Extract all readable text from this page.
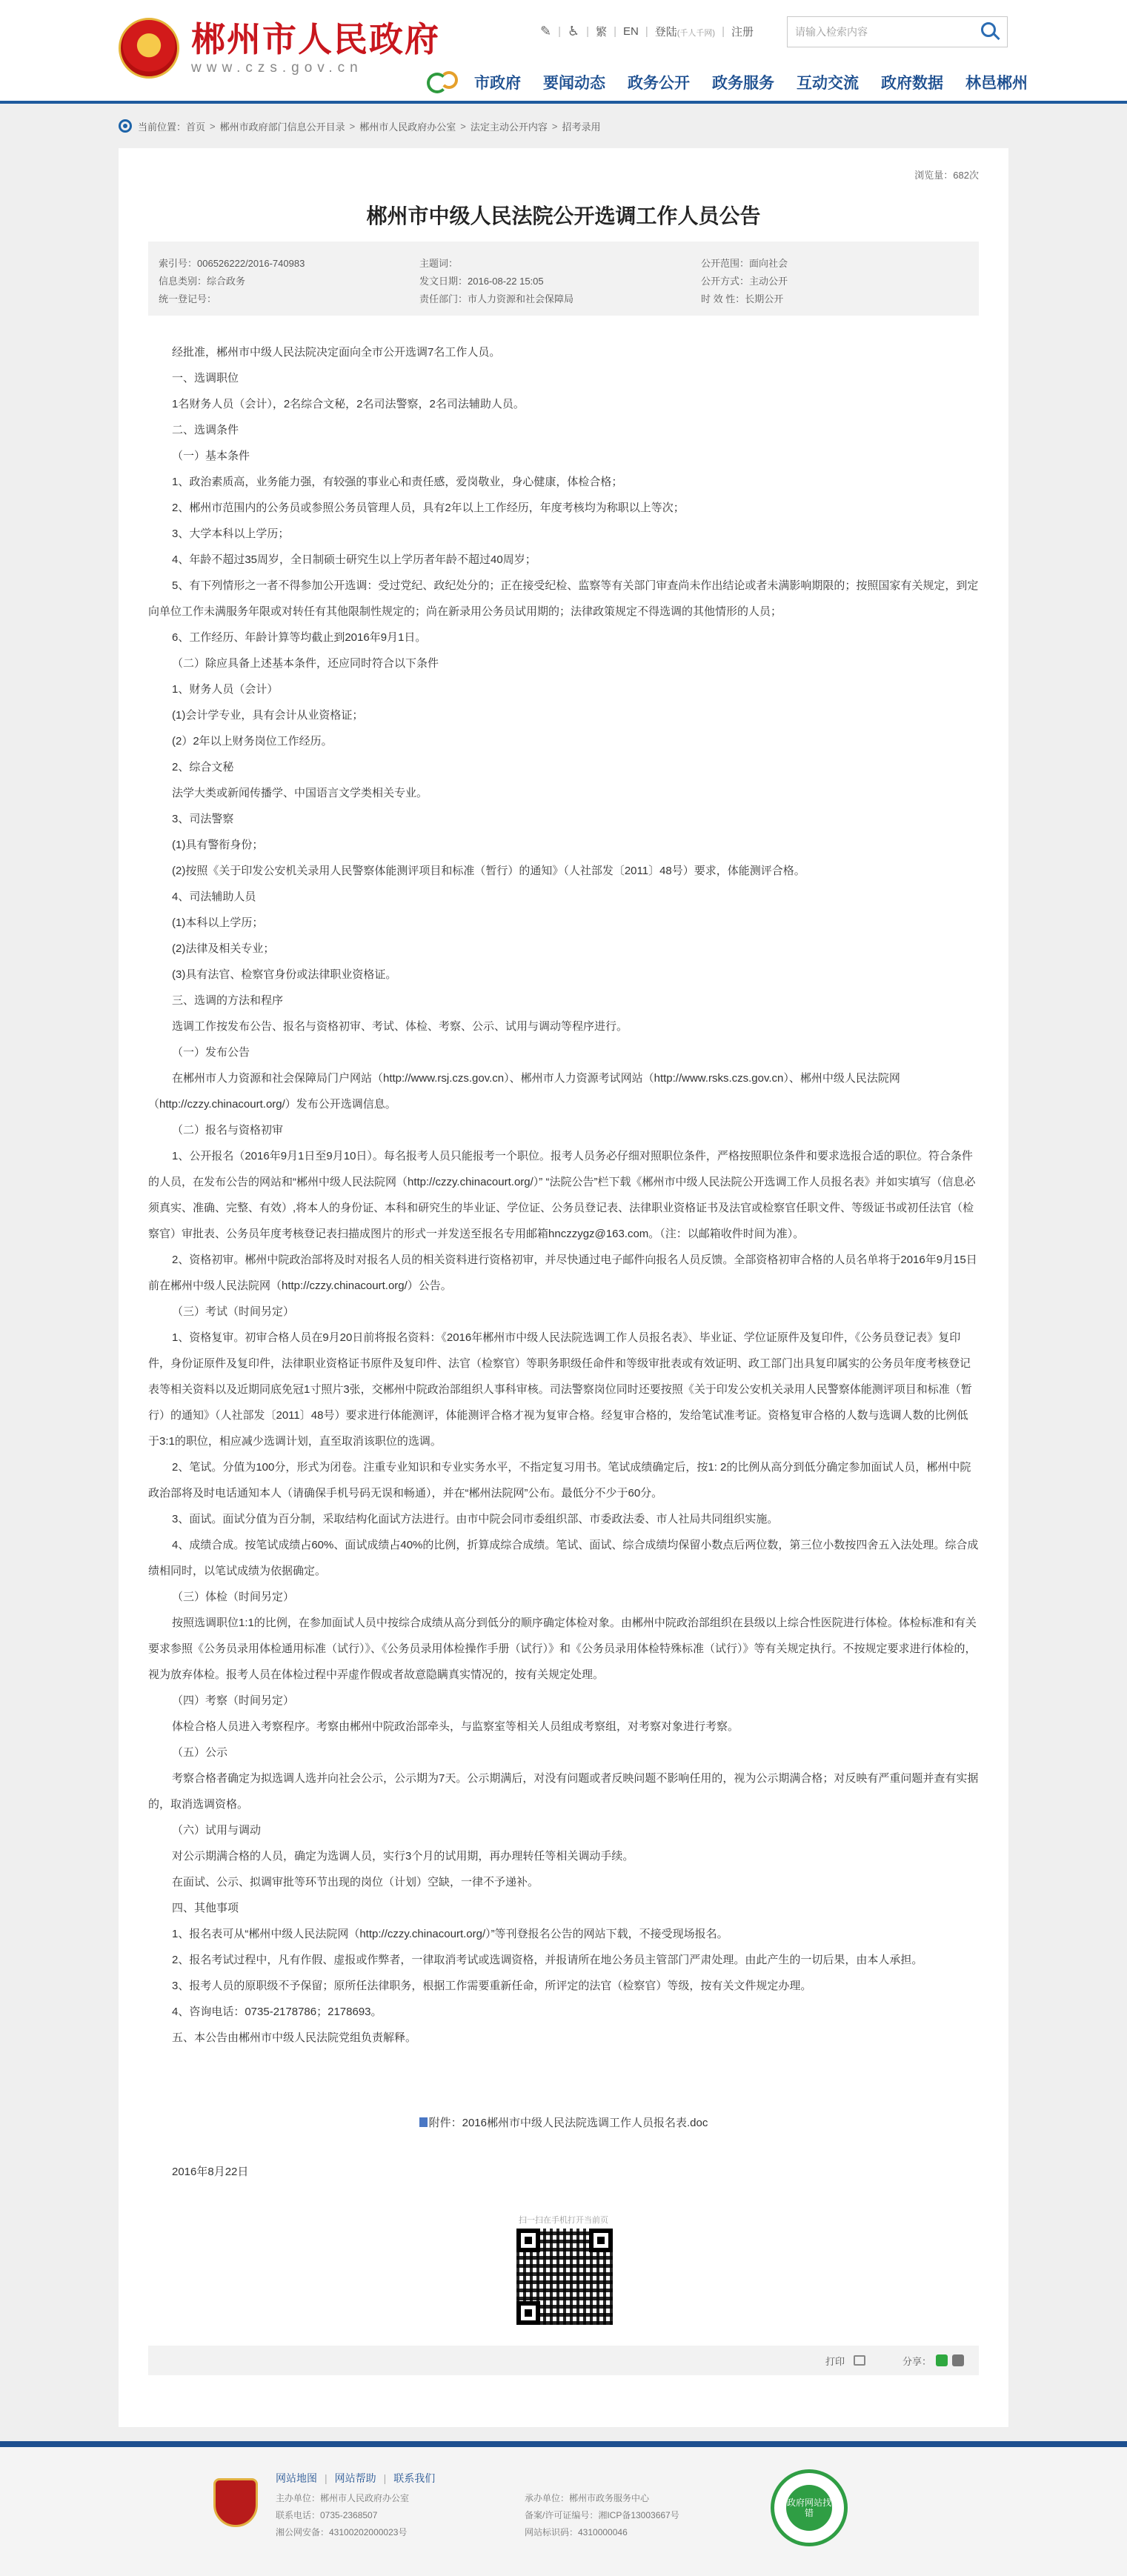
郴州市人民政府
www.czs.gov.cn
✎ | ♿ | 繁 | EN | 登陆(千人千网) | 注册	请输入检索内容
市政府 要闻动态 政务公开 政务服务 互动交流 政府数据 林邑郴州
当前位置： 首页 > 郴州市政府部门信息公开目录 > 郴州市人民政府办公室 > 法定主动公开内容 > 招考录用
浏览量：682次
郴州市中级人民法院公开选调工作人员公告
索引号：006526222/2016-740983	主题词：	公开范围：面向社会
信息类别：综合政务	发文日期：2016-08-22 15:05	公开方式：主动公开
统一登记号：	责任部门：市人力资源和社会保障局	时 效 性：长期公开

经批准，郴州市中级人民法院决定面向全市公开选调7名工作人员。

一、选调职位

1名财务人员（会计），2名综合文秘，2名司法警察，2名司法辅助人员。

二、选调条件

（一）基本条件

1、政治素质高，业务能力强，有较强的事业心和责任感，爱岗敬业，身心健康，体检合格；

2、郴州市范围内的公务员或参照公务员管理人员，具有2年以上工作经历，年度考核均为称职以上等次；

3、大学本科以上学历；

4、年龄不超过35周岁，全日制硕士研究生以上学历者年龄不超过40周岁；

5、有下列情形之一者不得参加公开选调：受过党纪、政纪处分的；正在接受纪检、监察等有关部门审查尚未作出结论或者未满影响期限的；按照国家有关规定，到定向单位工作未满服务年限或对转任有其他限制性规定的；尚在新录用公务员试用期的；法律政策规定不得选调的其他情形的人员；

6、工作经历、年龄计算等均截止到2016年9月1日。

（二）除应具备上述基本条件，还应同时符合以下条件

1、财务人员（会计）

(1)会计学专业，具有会计从业资格证；

(2）2年以上财务岗位工作经历。

2、综合文秘

法学大类或新闻传播学、中国语言文学类相关专业。

3、司法警察

(1)具有警衔身份；

(2)按照《关于印发公安机关录用人民警察体能测评项目和标准（暂行）的通知》（人社部发〔2011〕48号）要求，体能测评合格。

4、司法辅助人员

(1)本科以上学历；

(2)法律及相关专业；

(3)具有法官、检察官身份或法律职业资格证。

三、选调的方法和程序

选调工作按发布公告、报名与资格初审、考试、体检、考察、公示、试用与调动等程序进行。

（一）发布公告

在郴州市人力资源和社会保障局门户网站（http://www.rsj.czs.gov.cn）、郴州市人力资源考试网站（http://www.rsks.czs.gov.cn）、郴州中级人民法院网（http://czzy.chinacourt.org/）发布公开选调信息。

（二）报名与资格初审

1、公开报名（2016年9月1日至9月10日）。每名报考人员只能报考一个职位。报考人员务必仔细对照职位条件，严格按照职位条件和要求选报合适的职位。符合条件的人员，在发布公告的网站和“郴州中级人民法院网（http://czzy.chinacourt.org/）” “法院公告”栏下载《郴州市中级人民法院公开选调工作人员报名表》并如实填写（信息必须真实、准确、完整、有效）,将本人的身份证、本科和研究生的毕业证、学位证、公务员登记表、法律职业资格证书及法官或检察官任职文件、等级证书或初任法官（检察官）审批表、公务员年度考核登记表扫描成图片的形式一并发送至报名专用邮箱hnczzygz@163.com。（注：以邮箱收件时间为准）。

2、资格初审。郴州中院政治部将及时对报名人员的相关资料进行资格初审，并尽快通过电子邮件向报名人员反馈。全部资格初审合格的人员名单将于2016年9月15日前在郴州中级人民法院网（http://czzy.chinacourt.org/）公告。

（三）考试（时间另定）

1、资格复审。初审合格人员在9月20日前将报名资料：《2016年郴州市中级人民法院选调工作人员报名表》、毕业证、学位证原件及复印件，《公务员登记表》复印件，身份证原件及复印件，法律职业资格证书原件及复印件、法官（检察官）等职务职级任命件和等级审批表或有效证明、政工部门出具复印属实的公务员年度考核登记表等相关资料以及近期同底免冠1寸照片3张，交郴州中院政治部组织人事科审核。司法警察岗位同时还要按照《关于印发公安机关录用人民警察体能测评项目和标准（暂行）的通知》（人社部发〔2011〕48号）要求进行体能测评，体能测评合格才视为复审合格。经复审合格的，发给笔试准考证。资格复审合格的人数与选调人数的比例低于3:1的职位，相应减少选调计划，直至取消该职位的选调。

2、笔试。分值为100分，形式为闭卷。注重专业知识和专业实务水平，不指定复习用书。笔试成绩确定后，按1: 2的比例从高分到低分确定参加面试人员，郴州中院政治部将及时电话通知本人（请确保手机号码无误和畅通），并在“郴州法院网”公布。最低分不少于60分。

3、面试。面试分值为百分制，采取结构化面试方法进行。由市中院会同市委组织部、市委政法委、市人社局共同组织实施。

4、成绩合成。按笔试成绩占60%、面试成绩占40%的比例，折算成综合成绩。笔试、面试、综合成绩均保留小数点后两位数，第三位小数按四舍五入法处理。综合成绩相同时，以笔试成绩为依据确定。

（三）体检（时间另定）

按照选调职位1:1的比例，在参加面试人员中按综合成绩从高分到低分的顺序确定体检对象。由郴州中院政治部组织在县级以上综合性医院进行体检。体检标准和有关要求参照《公务员录用体检通用标准（试行）》、《公务员录用体检操作手册（试行）》和《公务员录用体检特殊标准（试行）》等有关规定执行。不按规定要求进行体检的，视为放弃体检。报考人员在体检过程中弄虚作假或者故意隐瞒真实情况的，按有关规定处理。

（四）考察（时间另定）

体检合格人员进入考察程序。考察由郴州中院政治部牵头，与监察室等相关人员组成考察组，对考察对象进行考察。

（五）公示

考察合格者确定为拟选调人选并向社会公示，公示期为7天。公示期满后，对没有问题或者反映问题不影响任用的，视为公示期满合格；对反映有严重问题并查有实据的，取消选调资格。

（六）试用与调动

对公示期满合格的人员，确定为选调人员，实行3个月的试用期，再办理转任等相关调动手续。

在面试、公示、拟调审批等环节出现的岗位（计划）空缺，一律不予递补。

四、其他事项

1、报名表可从“郴州中级人民法院网（http://czzy.chinacourt.org/）”等刊登报名公告的网站下载，不接受现场报名。

2、报名考试过程中，凡有作假、虚报或作弊者，一律取消考试或选调资格，并报请所在地公务员主管部门严肃处理。由此产生的一切后果，由本人承担。

3、报考人员的原职级不予保留；原所任法律职务，根据工作需要重新任命，所评定的法官（检察官）等级，按有关文件规定办理。

4、咨询电话：0735-2178786；2178693。

五、本公告由郴州市中级人民法院党组负责解释。

附件：2016郴州市中级人民法院选调工作人员报名表.doc
2016年8月22日
扫一扫在手机打开当前页
打印	分享：
网站地图 | 网站帮助 | 联系我们
主办单位：郴州市人民政府办公室	承办单位：郴州市政务服务中心
联系电话：0735-2368507	备案/许可证编号：湘ICP备13003667号
湘公网安备：43100202000023号	网站标识码：4310000046
政府网站找错
